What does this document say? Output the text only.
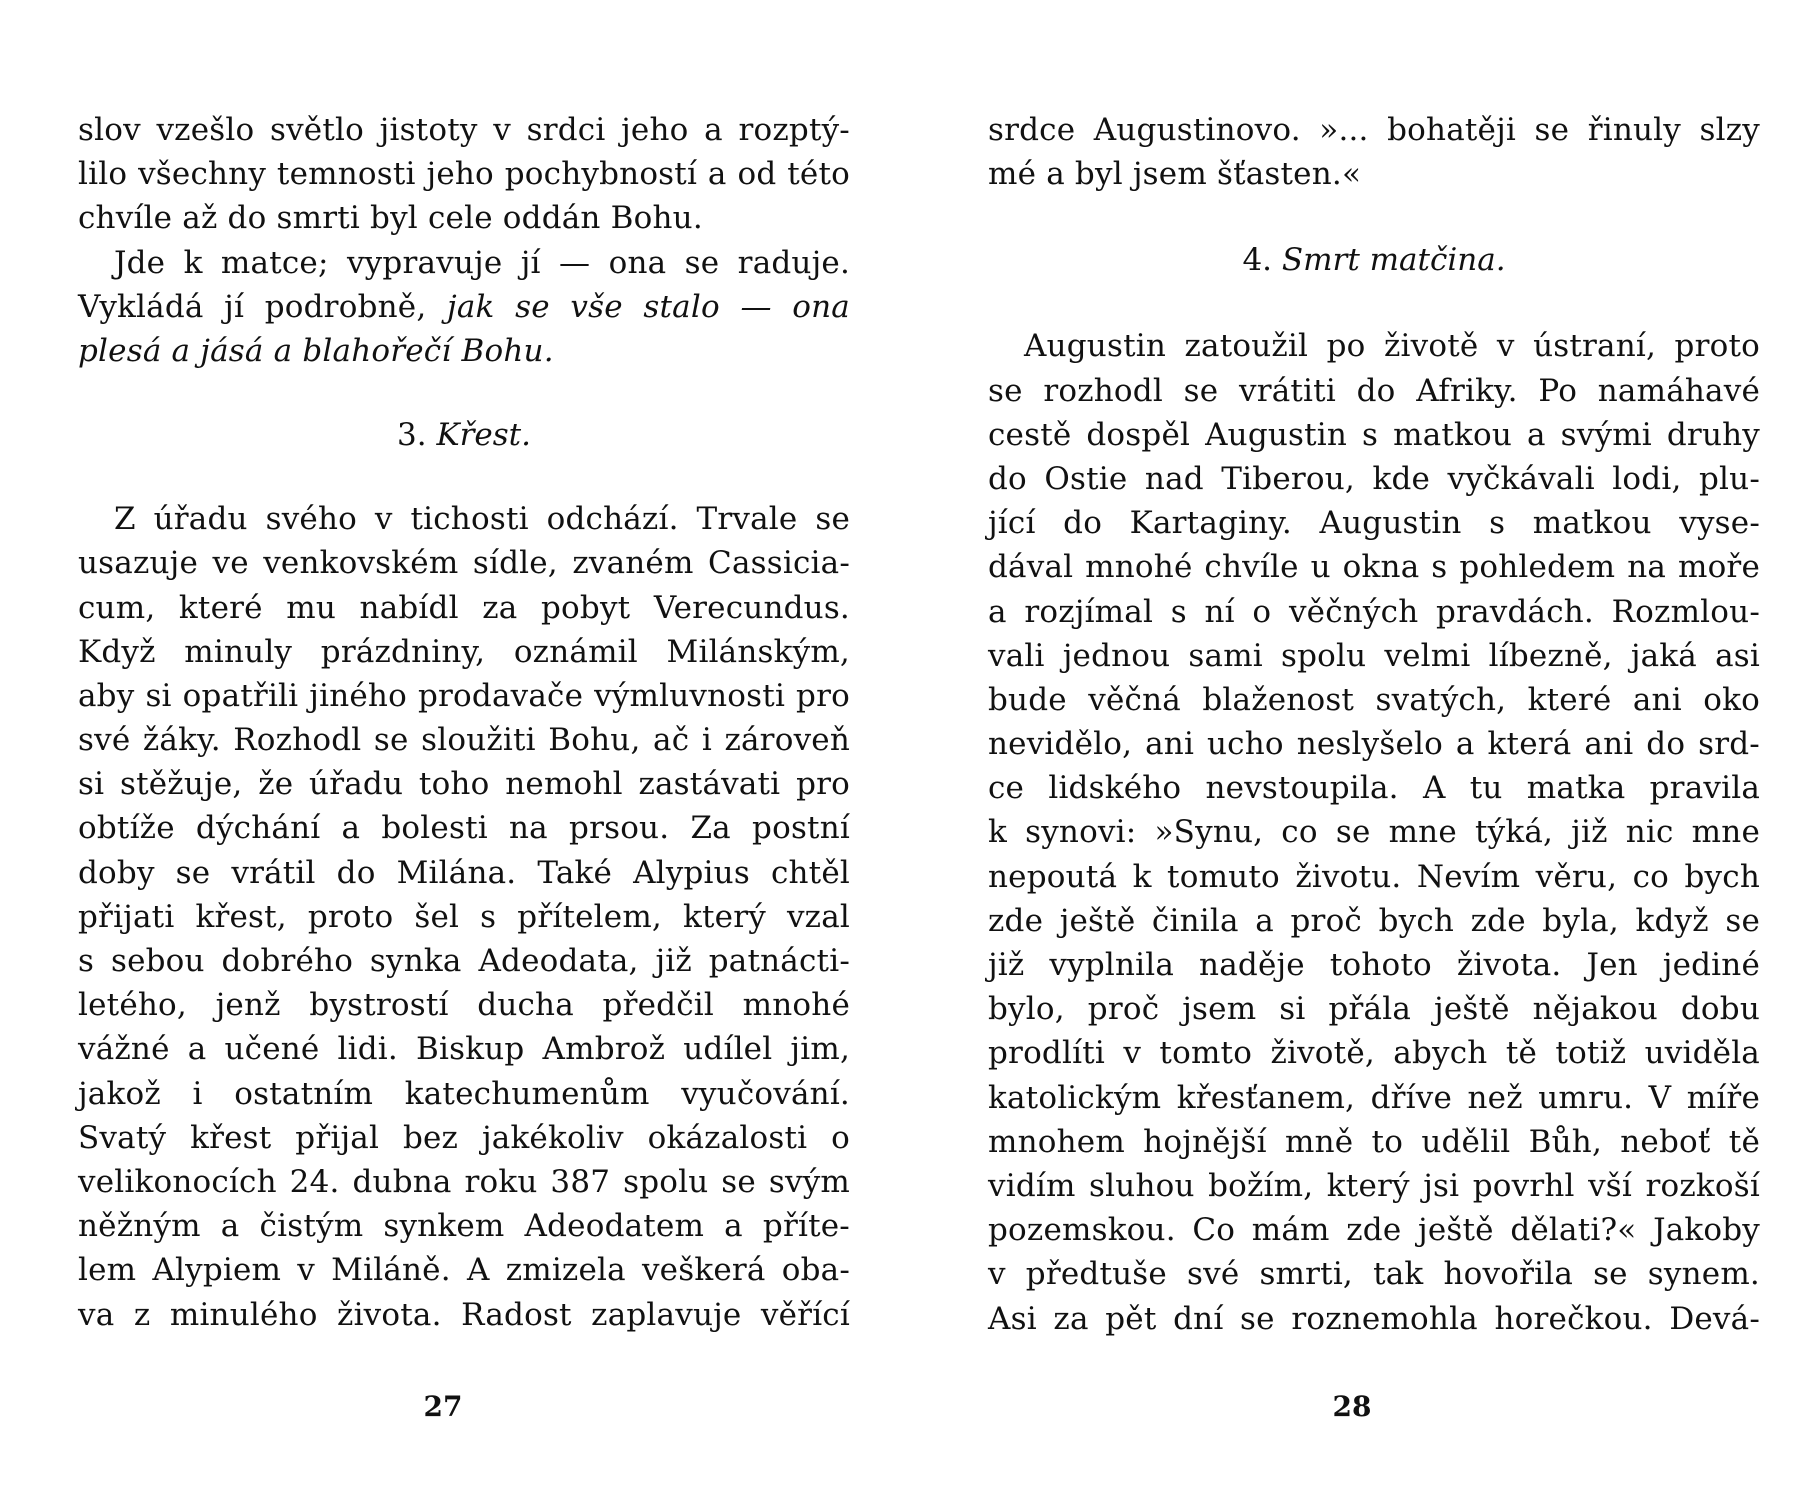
slov vzešlo světlo jistoty v srdci jeho a rozptý-
lilo všechny temnosti jeho pochybností a od této
chvíle až do smrti byl cele oddán Bohu.
Jde k matce; vypravuje jí — ona se raduje.
Vykládá jí podrobně, jak se vše stalo — ona
plesá a jásá a blahořečí Bohu.
3. Křest.
Z úřadu svého v tichosti odchází. Trvale se
usazuje ve venkovském sídle, zvaném Cassicia-
cum, které mu nabídl za pobyt Verecundus.
Když minuly prázdniny, oznámil Milánským,
aby si opatřili jiného prodavače výmluvnosti pro
své žáky. Rozhodl se sloužiti Bohu, ač i zároveň
si stěžuje, že úřadu toho nemohl zastávati pro
obtíže dýchání a bolesti na prsou. Za postní
doby se vrátil do Milána. Také Alypius chtěl
přijati křest, proto šel s přítelem, který vzal
s sebou dobrého synka Adeodata, již patnácti-
letého, jenž bystrostí ducha předčil mnohé
vážné a učené lidi. Biskup Ambrož udílel jim,
jakož i ostatním katechumenům vyučování.
Svatý křest přijal bez jakékoliv okázalosti o
velikonocích 24. dubna roku 387 spolu se svým
něžným a čistým synkem Adeodatem a příte-
lem Alypiem v Miláně. A zmizela veškerá oba-
va z minulého života. Radost zaplavuje věřící
srdce Augustinovo. »... bohatěji se řinuly slzy
mé a byl jsem šťasten.«
4. Smrt matčina.
Augustin zatoužil po životě v ústraní, proto
se rozhodl se vrátiti do Afriky. Po namáhavé
cestě dospěl Augustin s matkou a svými druhy
do Ostie nad Tiberou, kde vyčkávali lodi, plu-
jící do Kartaginy. Augustin s matkou vyse-
dával mnohé chvíle u okna s pohledem na moře
a rozjímal s ní o věčných pravdách. Rozmlou-
vali jednou sami spolu velmi líbezně, jaká asi
bude věčná blaženost svatých, které ani oko
nevidělo, ani ucho neslyšelo a která ani do srd-
ce lidského nevstoupila. A tu matka pravila
k synovi: »Synu, co se mne týká, již nic mne
nepoutá k tomuto životu. Nevím věru, co bych
zde ještě činila a proč bych zde byla, když se
již vyplnila naděje tohoto života. Jen jediné
bylo, proč jsem si přála ještě nějakou dobu
prodlíti v tomto životě, abych tě totiž uviděla
katolickým křesťanem, dříve než umru. V míře
mnohem hojnější mně to udělil Bůh, neboť tě
vidím sluhou božím, který jsi povrhl vší rozkoší
pozemskou. Co mám zde ještě dělati?« Jakoby
v předtuše své smrti, tak hovořila se synem.
Asi za pět dní se roznemohla horečkou. Devá-
27	28
